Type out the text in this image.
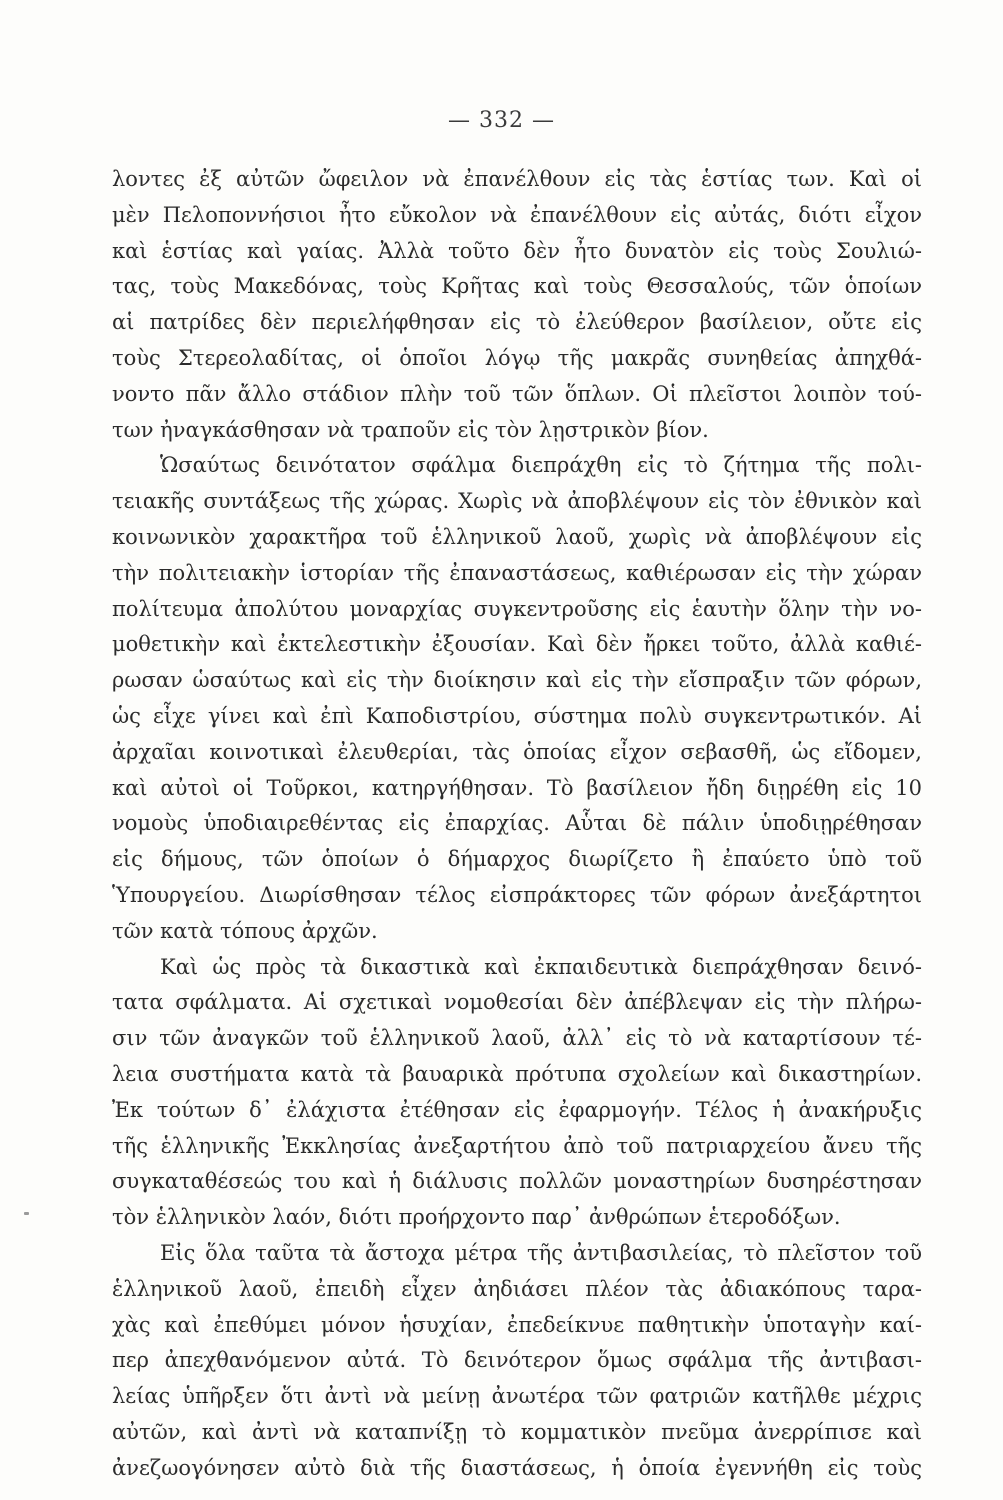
— 332 —
λοντες ἐξ αὐτῶν ὤφειλον νὰ ἐπανέλθουν εἰς τὰς ἑστίας των. Καὶ οἱ
μὲν Πελοποννήσιοι ἦτο εὔκολον νὰ ἐπανέλθουν εἰς αὐτάς, διότι εἶχον
καὶ ἑστίας καὶ γαίας. Ἀλλὰ τοῦτο δὲν ἦτο δυνατὸν εἰς τοὺς Σουλιώ-
τας, τοὺς Μακεδόνας, τοὺς Κρῆτας καὶ τοὺς Θεσσαλούς, τῶν ὁποίων
αἱ πατρίδες δὲν περιελήφθησαν εἰς τὸ ἐλεύθερον βασίλειον, οὔτε εἰς
τοὺς Στερεολαδίτας, οἱ ὁποῖοι λόγῳ τῆς μακρᾶς συνηθείας ἀπηχθά-
νοντο πᾶν ἄλλο στάδιον πλὴν τοῦ τῶν ὅπλων. Οἱ πλεῖστοι λοιπὸν τού-
των ἠναγκάσθησαν νὰ τραποῦν εἰς τὸν λῃστρικὸν βίον.
Ὡσαύτως δεινότατον σφάλμα διεπράχθη εἰς τὸ ζήτημα τῆς πολι-
τειακῆς συντάξεως τῆς χώρας. Χωρὶς νὰ ἀποβλέψουν εἰς τὸν ἐθνικὸν καὶ
κοινωνικὸν χαρακτῆρα τοῦ ἑλληνικοῦ λαοῦ, χωρὶς νὰ ἀποβλέψουν εἰς
τὴν πολιτειακὴν ἱστορίαν τῆς ἐπαναστάσεως, καθιέρωσαν εἰς τὴν χώραν
πολίτευμα ἀπολύτου μοναρχίας συγκεντροῦσης εἰς ἑαυτὴν ὅλην τὴν νο-
μοθετικὴν καὶ ἐκτελεστικὴν ἐξουσίαν. Καὶ δὲν ἤρκει τοῦτο, ἀλλὰ καθιέ-
ρωσαν ὡσαύτως καὶ εἰς τὴν διοίκησιν καὶ εἰς τὴν εἴσπραξιν τῶν φόρων,
ὡς εἶχε γίνει καὶ ἐπὶ Καποδιστρίου, σύστημα πολὺ συγκεντρωτικόν. Αἱ
ἀρχαῖαι κοινοτικαὶ ἐλευθερίαι, τὰς ὁποίας εἶχον σεβασθῆ, ὡς εἴδομεν,
καὶ αὐτοὶ οἱ Τοῦρκοι, κατηργήθησαν. Τὸ βασίλειον ἤδη διῃρέθη εἰς 10
νομοὺς ὑποδιαιρεθέντας εἰς ἐπαρχίας. Αὗται δὲ πάλιν ὑποδιῃρέθησαν
εἰς δήμους, τῶν ὁποίων ὁ δήμαρχος διωρίζετο ἢ ἐπαύετο ὑπὸ τοῦ
Ὑπουργείου. Διωρίσθησαν τέλος εἰσπράκτορες τῶν φόρων ἀνεξάρτητοι
τῶν κατὰ τόπους ἀρχῶν.
Καὶ ὡς πρὸς τὰ δικαστικὰ καὶ ἐκπαιδευτικὰ διεπράχθησαν δεινό-
τατα σφάλματα. Αἱ σχετικαὶ νομοθεσίαι δὲν ἀπέβλεψαν εἰς τὴν πλήρω-
σιν τῶν ἀναγκῶν τοῦ ἑλληνικοῦ λαοῦ, ἀλλ᾿ εἰς τὸ νὰ καταρτίσουν τέ-
λεια συστήματα κατὰ τὰ βαυαρικὰ πρότυπα σχολείων καὶ δικαστηρίων.
Ἐκ τούτων δ᾿ ἐλάχιστα ἐτέθησαν εἰς ἐφαρμογήν. Τέλος ἡ ἀνακήρυξις
τῆς ἑλληνικῆς Ἐκκλησίας ἀνεξαρτήτου ἀπὸ τοῦ πατριαρχείου ἄνευ τῆς
συγκαταθέσεώς του καὶ ἡ διάλυσις πολλῶν μοναστηρίων δυσηρέστησαν
τὸν ἑλληνικὸν λαόν, διότι προήρχοντο παρ᾿ ἀνθρώπων ἑτεροδόξων.
Εἰς ὅλα ταῦτα τὰ ἄστοχα μέτρα τῆς ἀντιβασιλείας, τὸ πλεῖστον τοῦ
ἑλληνικοῦ λαοῦ, ἐπειδὴ εἶχεν ἀηδιάσει πλέον τὰς ἀδιακόπους ταρα-
χὰς καὶ ἐπεθύμει μόνον ἡσυχίαν, ἐπεδείκνυε παθητικὴν ὑποταγὴν καί-
περ ἀπεχθανόμενον αὐτά. Τὸ δεινότερον ὅμως σφάλμα τῆς ἀντιβασι-
λείας ὑπῆρξεν ὅτι ἀντὶ νὰ μείνῃ ἀνωτέρα τῶν φατριῶν κατῆλθε μέχρις
αὐτῶν, καὶ ἀντὶ νὰ καταπνίξῃ τὸ κομματικὸν πνεῦμα ἀνερρίπισε καὶ
ἀνεζωογόνησεν αὐτὸ διὰ τῆς διαστάσεως, ἡ ὁποία ἐγεννήθη εἰς τοὺς
